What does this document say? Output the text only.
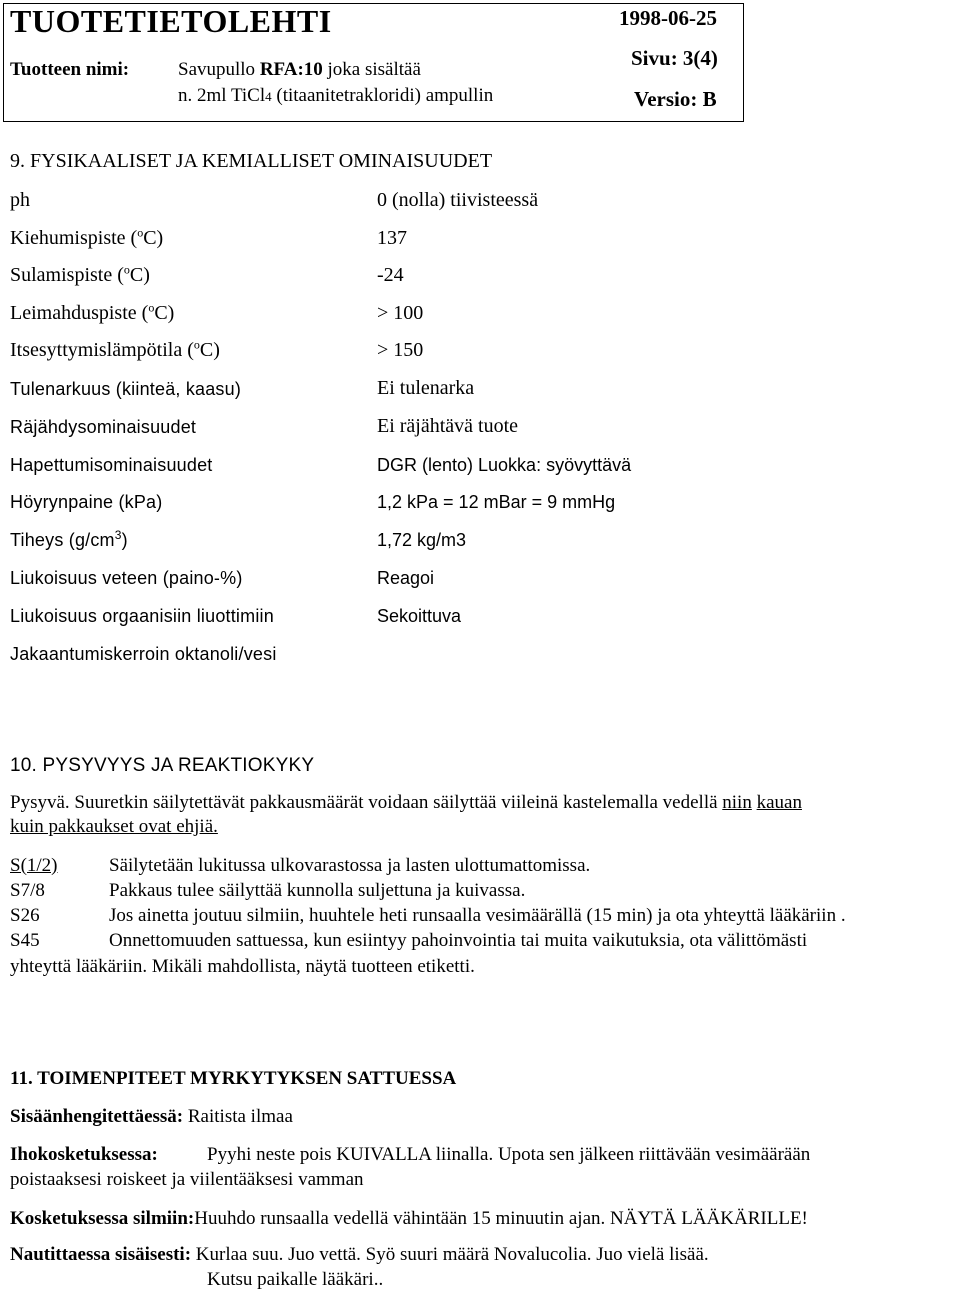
TUOTETIETOLEHTI
Tuotteen nimi:	Savupullo RFA:10 joka sisältää
n. 2ml TiCl4 (titaanitetrakloridi) ampullin
1998-06-25
Sivu: 3(4)
Versio: B
9. FYSIKAALISET JA KEMIALLISET OMINAISUUDET
ph	0 (nolla) tiivisteessä
Kiehumispiste ($^o$C)	137
Sulamispiste ($^o$C)	-24
Leimahduspiste ($^o$C)	> 100
Itsesyttymislämpötila ($^o$C)	> 150
Tulenarkuus (kiinteä, kaasu)	Ei tulenarka
Räjähdysominaisuudet	Ei räjähtävä tuote
Hapettumisominaisuudet	DGR (lento) Luokka: syövyttävä
Höyrynpaine (kPa)	1,2 kPa = 12 mBar = 9 mmHg
Tiheys $(g/cm^3)$	1,72 kg/m3
Liukoisuus veteen (paino-%)	Reagoi
Liukoisuus orgaanisiin liuottimiin	Sekoittuva
Jakaantumiskerroin oktanoli/vesi
10. PYSYVYYS JA REAKTIOKYKY
Pysyvä. Suuretkin säilytettävät pakkausmäärät voidaan säilyttää viileinä kastelemalla vedellä niin kauan
kuin pakkaukset ovat ehjiä.
S(1/2)	Säilytetään lukitussa ulkovarastossa ja lasten ulottumattomissa.
S7/8	Pakkaus tulee säilyttää kunnolla suljettuna ja kuivassa.
S26	Jos ainetta joutuu silmiin, huuhtele heti runsaalla vesimäärällä (15 min) ja ota yhteyttä lääkäriin .
S45	Onnettomuuden sattuessa, kun esiintyy pahoinvointia tai muita vaikutuksia, ota välittömästi
yhteyttä lääkäriin. Mikäli mahdollista, näytä tuotteen etiketti.
11. TOIMENPITEET MYRKYTYKSEN SATTUESSA
Sisäänhengitettäessä: Raitista ilmaa
Ihokosketuksessa:	Pyyhi neste pois KUIVALLA liinalla. Upota sen jälkeen riittävään vesimäärään
poistaaksesi roiskeet ja viilentääksesi vamman
Kosketuksessa silmiin:Huuhdo runsaalla vedellä vähintään 15 minuutin ajan. NÄYTÄ LÄÄKÄRILLE!
Nautittaessa sisäisesti: Kurlaa suu. Juo vettä. Syö suuri määrä Novalucolia. Juo vielä lisää.
Kutsu paikalle lääkäri..
